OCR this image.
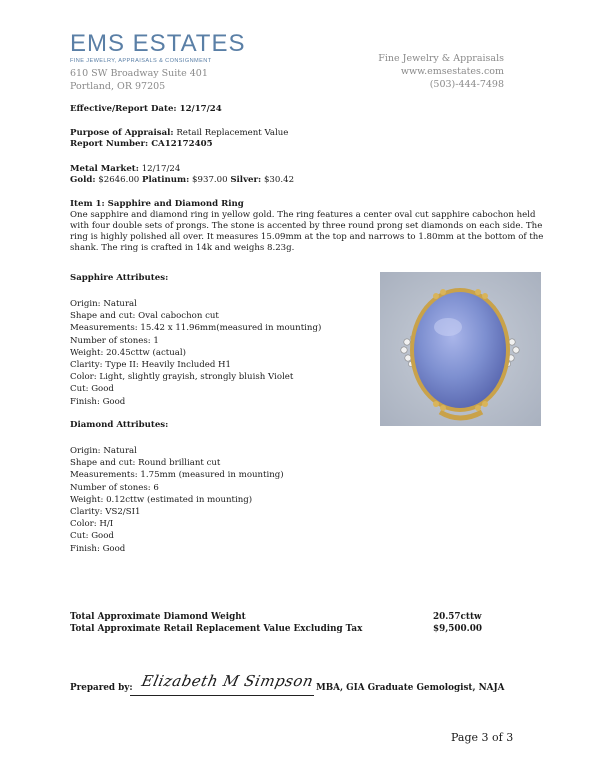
EMS ESTATES
FINE JEWELRY, APPRAISALS & CONSIGNMENT
610 SW Broadway Suite 401
Portland, OR 97205
Fine Jewelry & Appraisals
www.emsestates.com
(503)-444-7498
Effective/Report Date: 12/17/24
Purpose of Appraisal: Retail Replacement Value
Report Number: CA12172405
Metal Market: 12/17/24
Gold: $2646.00 Platinum: $937.00 Silver: $30.42
Item 1: Sapphire and Diamond Ring
One sapphire and diamond ring in yellow gold. The ring features a center oval cut sapphire cabochon held
with four double sets of prongs. The stone is accented by three round prong set diamonds on each side. The
ring is highly polished all over. It measures 15.09mm at the top and narrows to 1.80mm at the bottom of the
shank. The ring is crafted in 14k and weighs 8.23g.
Sapphire Attributes:
Origin: Natural
Shape and cut: Oval cabochon cut
Measurements: 15.42 x 11.96mm(measured in mounting)
Number of stones: 1
Weight: 20.45cttw (actual)
Clarity: Type II: Heavily Included H1
Color: Light, slightly grayish, strongly bluish Violet
Cut: Good
Finish: Good
Diamond Attributes:
Origin: Natural
Shape and cut: Round brilliant cut
Measurements: 1.75mm (measured in mounting)
Number of stones: 6
Weight: 0.12cttw (estimated in mounting)
Clarity: VS2/SI1
Color: H/I
Cut: Good
Finish: Good
Total Approximate Diamond Weight	20.57cttw
Total Approximate Retail Replacement Value Excluding Tax	$9,500.00
Prepared by: Elizabeth M Simpson MBA, GIA Graduate Gemologist, NAJA
Page 3 of 3
